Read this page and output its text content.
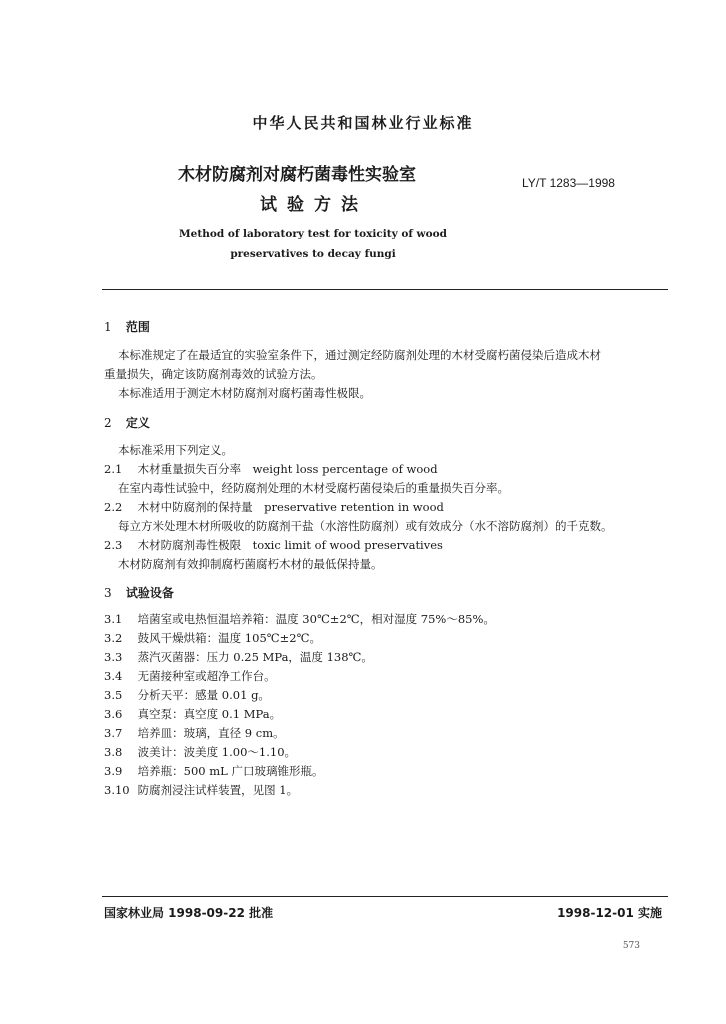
中华人民共和国林业行业标准
木材防腐剂对腐朽菌毒性实验室
试验方法
LY/T 1283—1998
Method of laboratory test for toxicity of wood
preservatives to decay fungi
1 范围
本标准规定了在最适宜的实验室条件下，通过测定经防腐剂处理的木材受腐朽菌侵染后造成木材
重量损失，确定该防腐剂毒效的试验方法。
本标准适用于测定木材防腐剂对腐朽菌毒性极限。
2 定义
本标准采用下列定义。
2.1 木材重量损失百分率　weight loss percentage of wood
在室内毒性试验中，经防腐剂处理的木材受腐朽菌侵染后的重量损失百分率。
2.2 木材中防腐剂的保持量　preservative retention in wood
每立方米处理木材所吸收的防腐剂干盐（水溶性防腐剂）或有效成分（水不溶防腐剂）的千克数。
2.3 木材防腐剂毒性极限　toxic limit of wood preservatives
木材防腐剂有效抑制腐朽菌腐朽木材的最低保持量。
3 试验设备
3.1 培菌室或电热恒温培养箱：温度 30℃±2℃，相对湿度 75%～85%。
3.2 鼓风干燥烘箱：温度 105℃±2℃。
3.3 蒸汽灭菌器：压力 0.25 MPa，温度 138℃。
3.4 无菌接种室或超净工作台。
3.5 分析天平：感量 0.01 g。
3.6 真空泵：真空度 0.1 MPa。
3.7 培养皿：玻璃，直径 9 cm。
3.8 波美计：波美度 1.00～1.10。
3.9 培养瓶：500 mL 广口玻璃锥形瓶。
3.10 防腐剂浸注试样装置，见图 1。
国家林业局 1998-09-22 批准	1998-12-01 实施
573
